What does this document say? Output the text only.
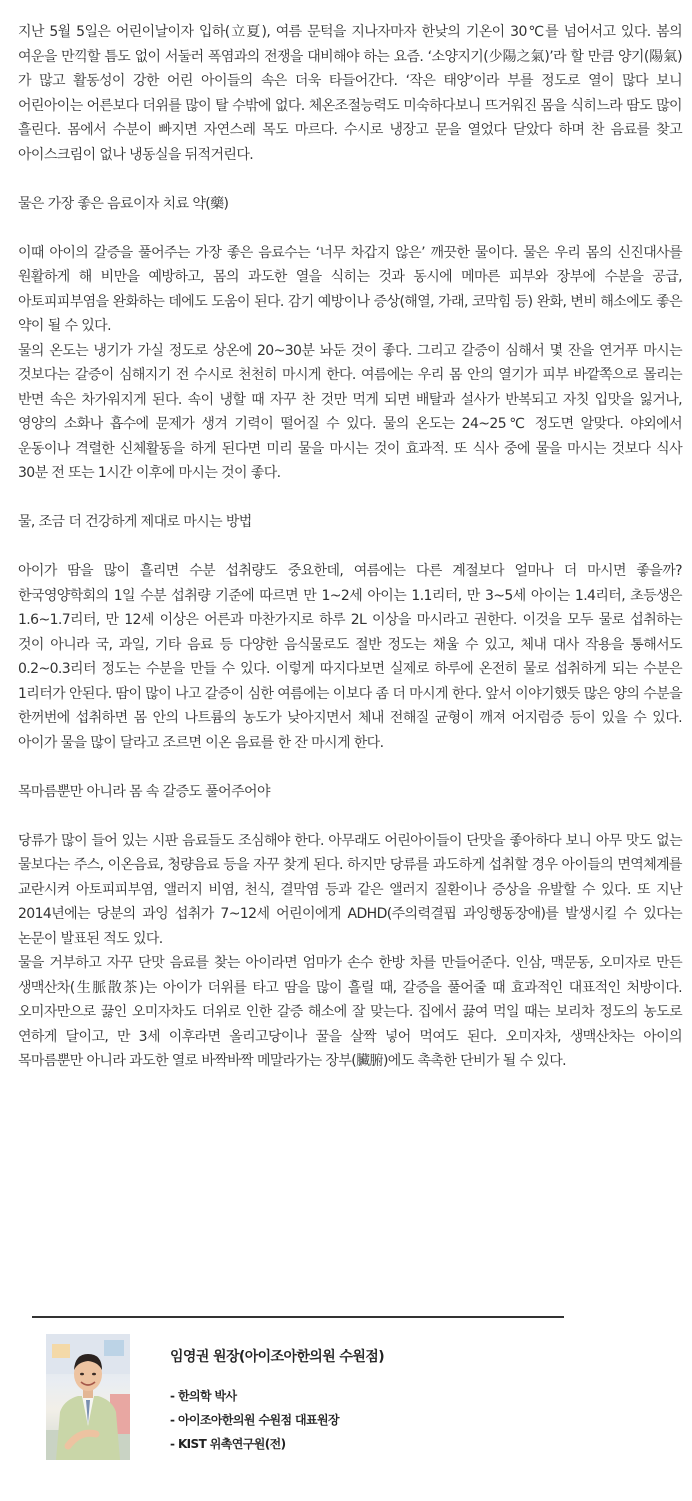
지난 5월 5일은 어린이날이자 입하(立夏), 여름 문턱을 지나자마자 한낮의 기온이 30℃를 넘어서고 있다. 봄의 여운을 만끽할 틈도 없이 서둘러 폭염과의 전쟁을 대비해야 하는 요즘. ‘소양지기(少陽之氣)’라 할 만큼 양기(陽氣)가 많고 활동성이 강한 어린 아이들의 속은 더욱 타들어간다. ‘작은 태양’이라 부를 정도로 열이 많다 보니 어린아이는 어른보다 더위를 많이 탈 수밖에 없다. 체온조절능력도 미숙하다보니 뜨거워진 몸을 식히느라 땀도 많이 흘린다. 몸에서 수분이 빠지면 자연스레 목도 마르다. 수시로 냉장고 문을 열었다 닫았다 하며 찬 음료를 찾고 아이스크림이 없나 냉동실을 뒤적거린다.

물은 가장 좋은 음료이자 치료 약(藥)

이때 아이의 갈증을 풀어주는 가장 좋은 음료수는 ‘너무 차갑지 않은’ 깨끗한 물이다. 물은 우리 몸의 신진대사를 원활하게 해 비만을 예방하고, 몸의 과도한 열을 식히는 것과 동시에 메마른 피부와 장부에 수분을 공급, 아토피피부염을 완화하는 데에도 도움이 된다. 감기 예방이나 증상(해열, 가래, 코막힘 등) 완화, 변비 해소에도 좋은 약이 될 수 있다.

물의 온도는 냉기가 가실 정도로 상온에 20~30분 놔둔 것이 좋다. 그리고 갈증이 심해서 몇 잔을 연거푸 마시는 것보다는 갈증이 심해지기 전 수시로 천천히 마시게 한다. 여름에는 우리 몸 안의 열기가 피부 바깥쪽으로 몰리는 반면 속은 차가워지게 된다. 속이 냉할 때 자꾸 찬 것만 먹게 되면 배탈과 설사가 반복되고 자칫 입맛을 잃거나, 영양의 소화나 흡수에 문제가 생겨 기력이 떨어질 수 있다. 물의 온도는 24~25℃ 정도면 알맞다. 야외에서 운동이나 격렬한 신체활동을 하게 된다면 미리 물을 마시는 것이 효과적. 또 식사 중에 물을 마시는 것보다 식사 30분 전 또는 1시간 이후에 마시는 것이 좋다.

물, 조금 더 건강하게 제대로 마시는 방법

아이가 땀을 많이 흘리면 수분 섭취량도 중요한데, 여름에는 다른 계절보다 얼마나 더 마시면 좋을까? 한국영양학회의 1일 수분 섭취량 기준에 따르면 만 1~2세 아이는 1.1리터, 만 3~5세 아이는 1.4리터, 초등생은 1.6~1.7리터, 만 12세 이상은 어른과 마찬가지로 하루 2L 이상을 마시라고 권한다. 이것을 모두 물로 섭취하는 것이 아니라 국, 과일, 기타 음료 등 다양한 음식물로도 절반 정도는 채울 수 있고, 체내 대사 작용을 통해서도 0.2~0.3리터 정도는 수분을 만들 수 있다. 이렇게 따지다보면 실제로 하루에 온전히 물로 섭취하게 되는 수분은 1리터가 안된다. 땀이 많이 나고 갈증이 심한 여름에는 이보다 좀 더 마시게 한다. 앞서 이야기했듯 많은 양의 수분을 한꺼번에 섭취하면 몸 안의 나트륨의 농도가 낮아지면서 체내 전해질 균형이 깨져 어지럼증 등이 있을 수 있다. 아이가 물을 많이 달라고 조르면 이온 음료를 한 잔 마시게 한다.

목마름뿐만 아니라 몸 속 갈증도 풀어주어야

당류가 많이 들어 있는 시판 음료들도 조심해야 한다. 아무래도 어린아이들이 단맛을 좋아하다 보니 아무 맛도 없는 물보다는 주스, 이온음료, 청량음료 등을 자꾸 찾게 된다. 하지만 당류를 과도하게 섭취할 경우 아이들의 면역체계를 교란시켜 아토피피부염, 앨러지 비염, 천식, 결막염 등과 같은 앨러지 질환이나 증상을 유발할 수 있다. 또 지난 2014년에는 당분의 과잉 섭취가 7~12세 어린이에게 ADHD(주의력결핍 과잉행동장애)를 발생시킬 수 있다는 논문이 발표된 적도 있다.

물을 거부하고 자꾸 단맛 음료를 찾는 아이라면 엄마가 손수 한방 차를 만들어준다. 인삼, 맥문동, 오미자로 만든 생맥산차(生脈散茶)는 아이가 더위를 타고 땀을 많이 흘릴 때, 갈증을 풀어줄 때 효과적인 대표적인 처방이다. 오미자만으로 끓인 오미자차도 더위로 인한 갈증 해소에 잘 맞는다. 집에서 끓여 먹일 때는 보리차 정도의 농도로 연하게 달이고, 만 3세 이후라면 올리고당이나 꿀을 살짝 넣어 먹여도 된다. 오미자차, 생맥산차는 아이의 목마름뿐만 아니라 과도한 열로 바짝바짝 메말라가는 장부(臟腑)에도 촉촉한 단비가 될 수 있다.

임영권 원장(아이조아한의원 수원점)
- 한의학 박사
- 아이조아한의원 수원점 대표원장
- KIST 위촉연구원(전)
